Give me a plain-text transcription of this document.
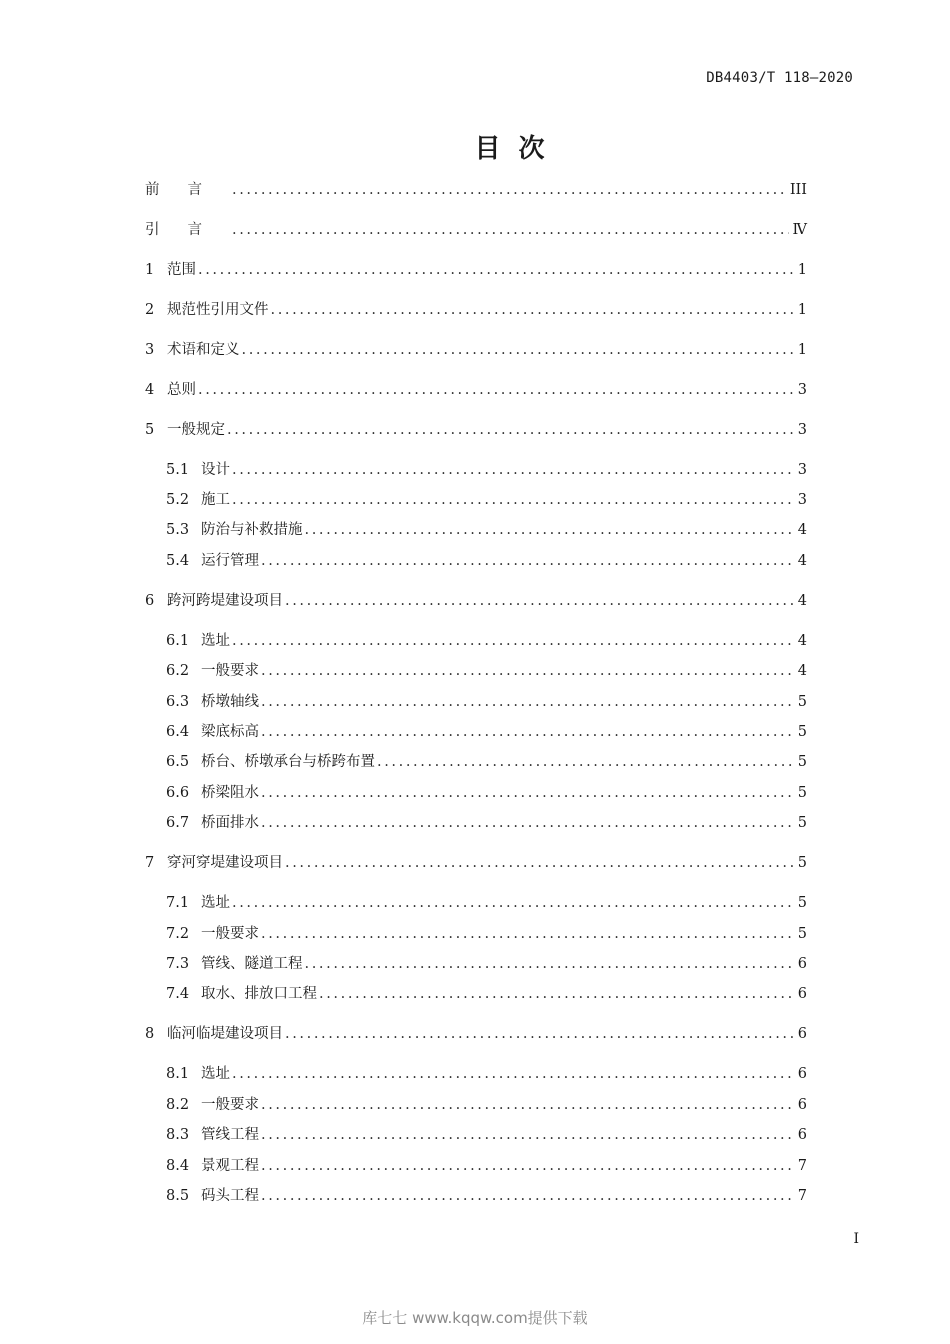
DB4403/T 118—2020
目次
前言 .....	III
引言 .....	Ⅳ
1 范围 .....	1
2 规范性引用文件 .....	1
3 术语和定义 .....	1
4 总则 .....	3
5 一般规定 .....	3
5.1 设计 .....	3
5.2 施工 .....	3
5.3 防治与补救措施 .....	4
5.4 运行管理 .....	4
6 跨河跨堤建设项目 .....	4
6.1 选址 .....	4
6.2 一般要求 .....	4
6.3 桥墩轴线 .....	5
6.4 梁底标高 .....	5
6.5 桥台、桥墩承台与桥跨布置 .....	5
6.6 桥梁阻水 .....	5
6.7 桥面排水 .....	5
7 穿河穿堤建设项目 .....	5
7.1 选址 .....	5
7.2 一般要求 .....	5
7.3 管线、隧道工程 .....	6
7.4 取水、排放口工程 .....	6
8 临河临堤建设项目 .....	6
8.1 选址 .....	6
8.2 一般要求 .....	6
8.3 管线工程 .....	6
8.4 景观工程 .....	7
8.5 码头工程 .....	7
I
库七七 www.kqqw.com提供下载
